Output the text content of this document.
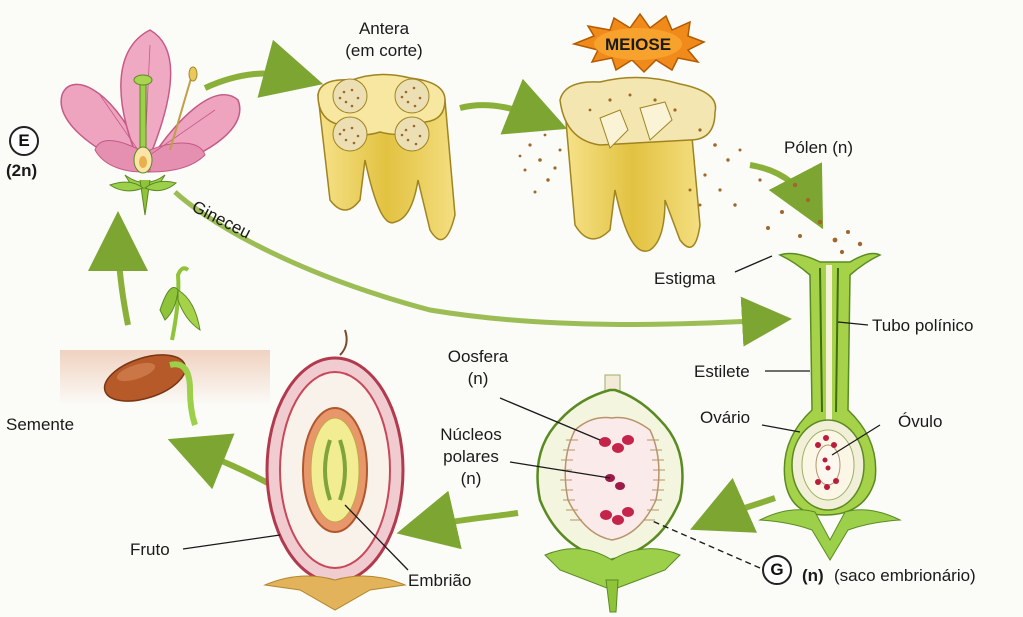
Antera
(em corte)	MEIOSE
Pólen (n)
E
(2n)
Gineceu
Estigma
Tubo polínico
Estilete
Ovário	Óvulo
Oosfera
(n)
Núcleos
polares
(n)
Semente
Fruto
Embrião
G	(n) (saco embrionário)
